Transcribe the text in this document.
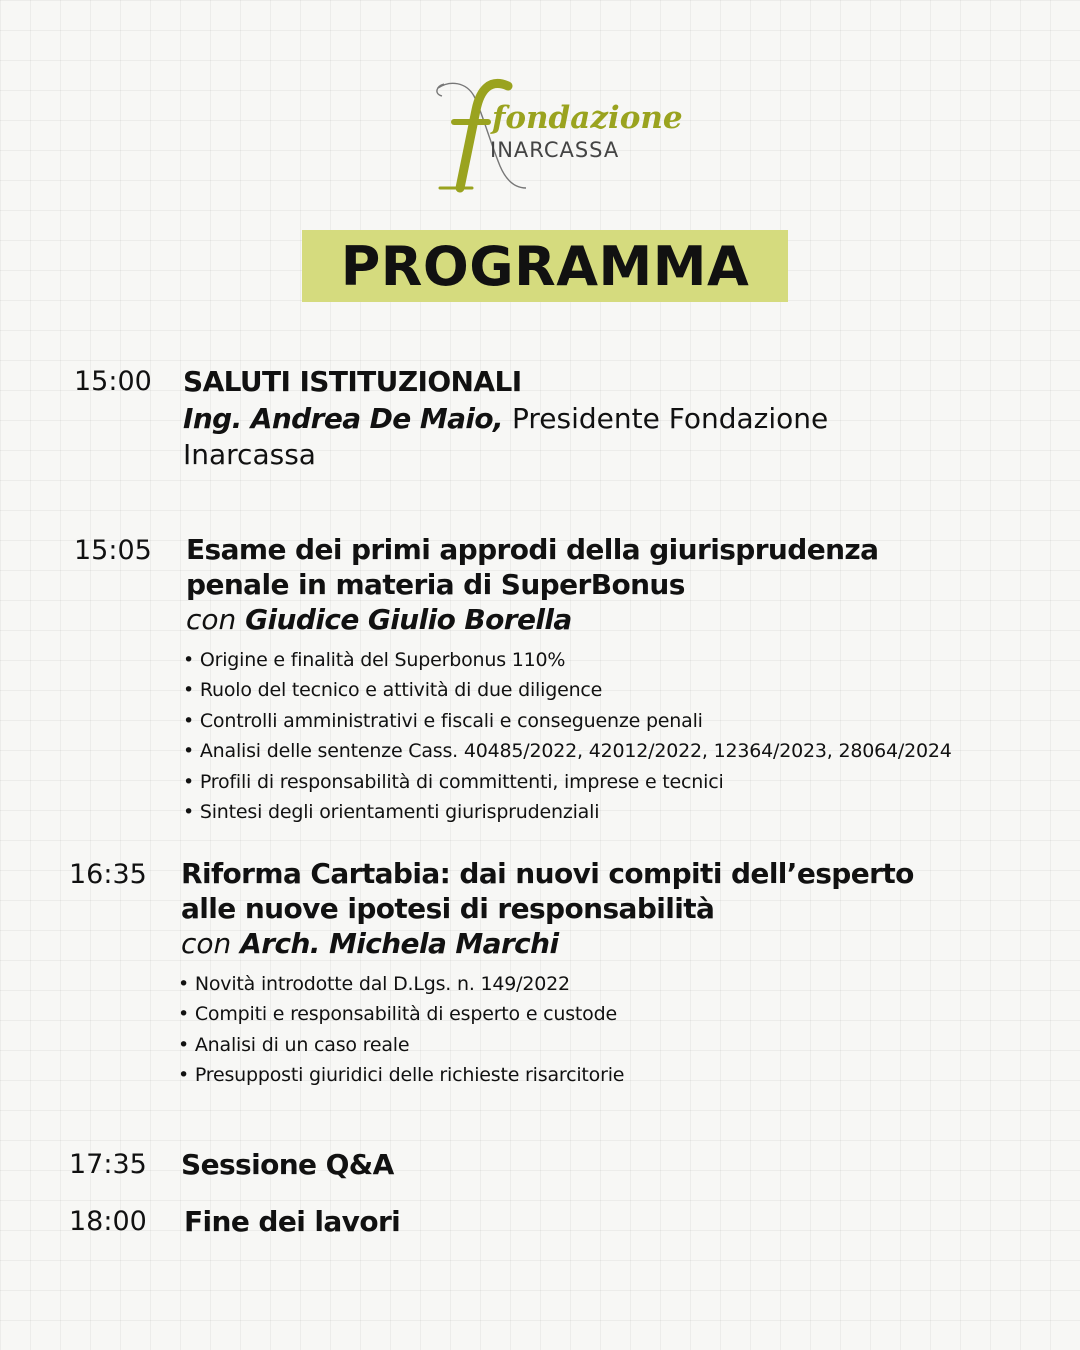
fondazione
INARCASSA
PROGRAMMA
15:00 SALUTI ISTITUZIONALI
Ing. Andrea De Maio, Presidente Fondazione
Inarcassa
15:05 Esame dei primi approdi della giurisprudenza
penale in materia di SuperBonus
con Giudice Giulio Borella
• Origine e finalità del Superbonus 110%
• Ruolo del tecnico e attività di due diligence
• Controlli amministrativi e fiscali e conseguenze penali
• Analisi delle sentenze Cass. 40485/2022, 42012/2022, 12364/2023, 28064/2024
• Profili di responsabilità di committenti, imprese e tecnici
• Sintesi degli orientamenti giurisprudenziali
16:35 Riforma Cartabia: dai nuovi compiti dell’esperto
alle nuove ipotesi di responsabilità
con Arch. Michela Marchi
• Novità introdotte dal D.Lgs. n. 149/2022
• Compiti e responsabilità di esperto e custode
• Analisi di un caso reale
• Presupposti giuridici delle richieste risarcitorie
17:35 Sessione Q&A
18:00 Fine dei lavori
